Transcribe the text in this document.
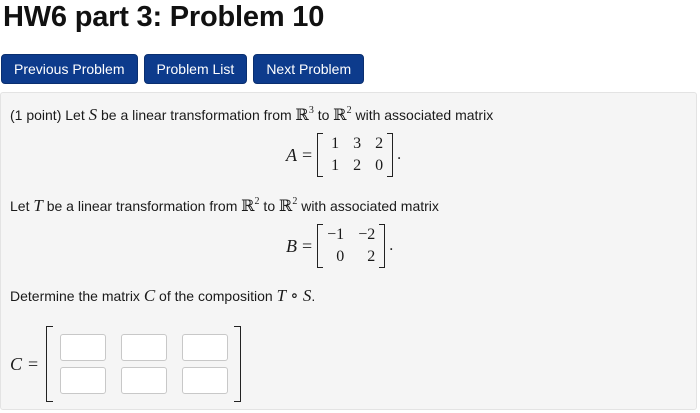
HW6 part 3: Problem 10
Previous Problem	Problem List	Next Problem
(1 point) Let S be a linear transformation from ℝ$^3$ to ℝ$^2$ with associated matrix
A =
1 3 2
1 2 0
.
Let T be a linear transformation from ℝ$^2$ to ℝ$^2$ with associated matrix
B =
−1 −2
0	2
.
Determine the matrix C of the composition T ∘ S.
C =
